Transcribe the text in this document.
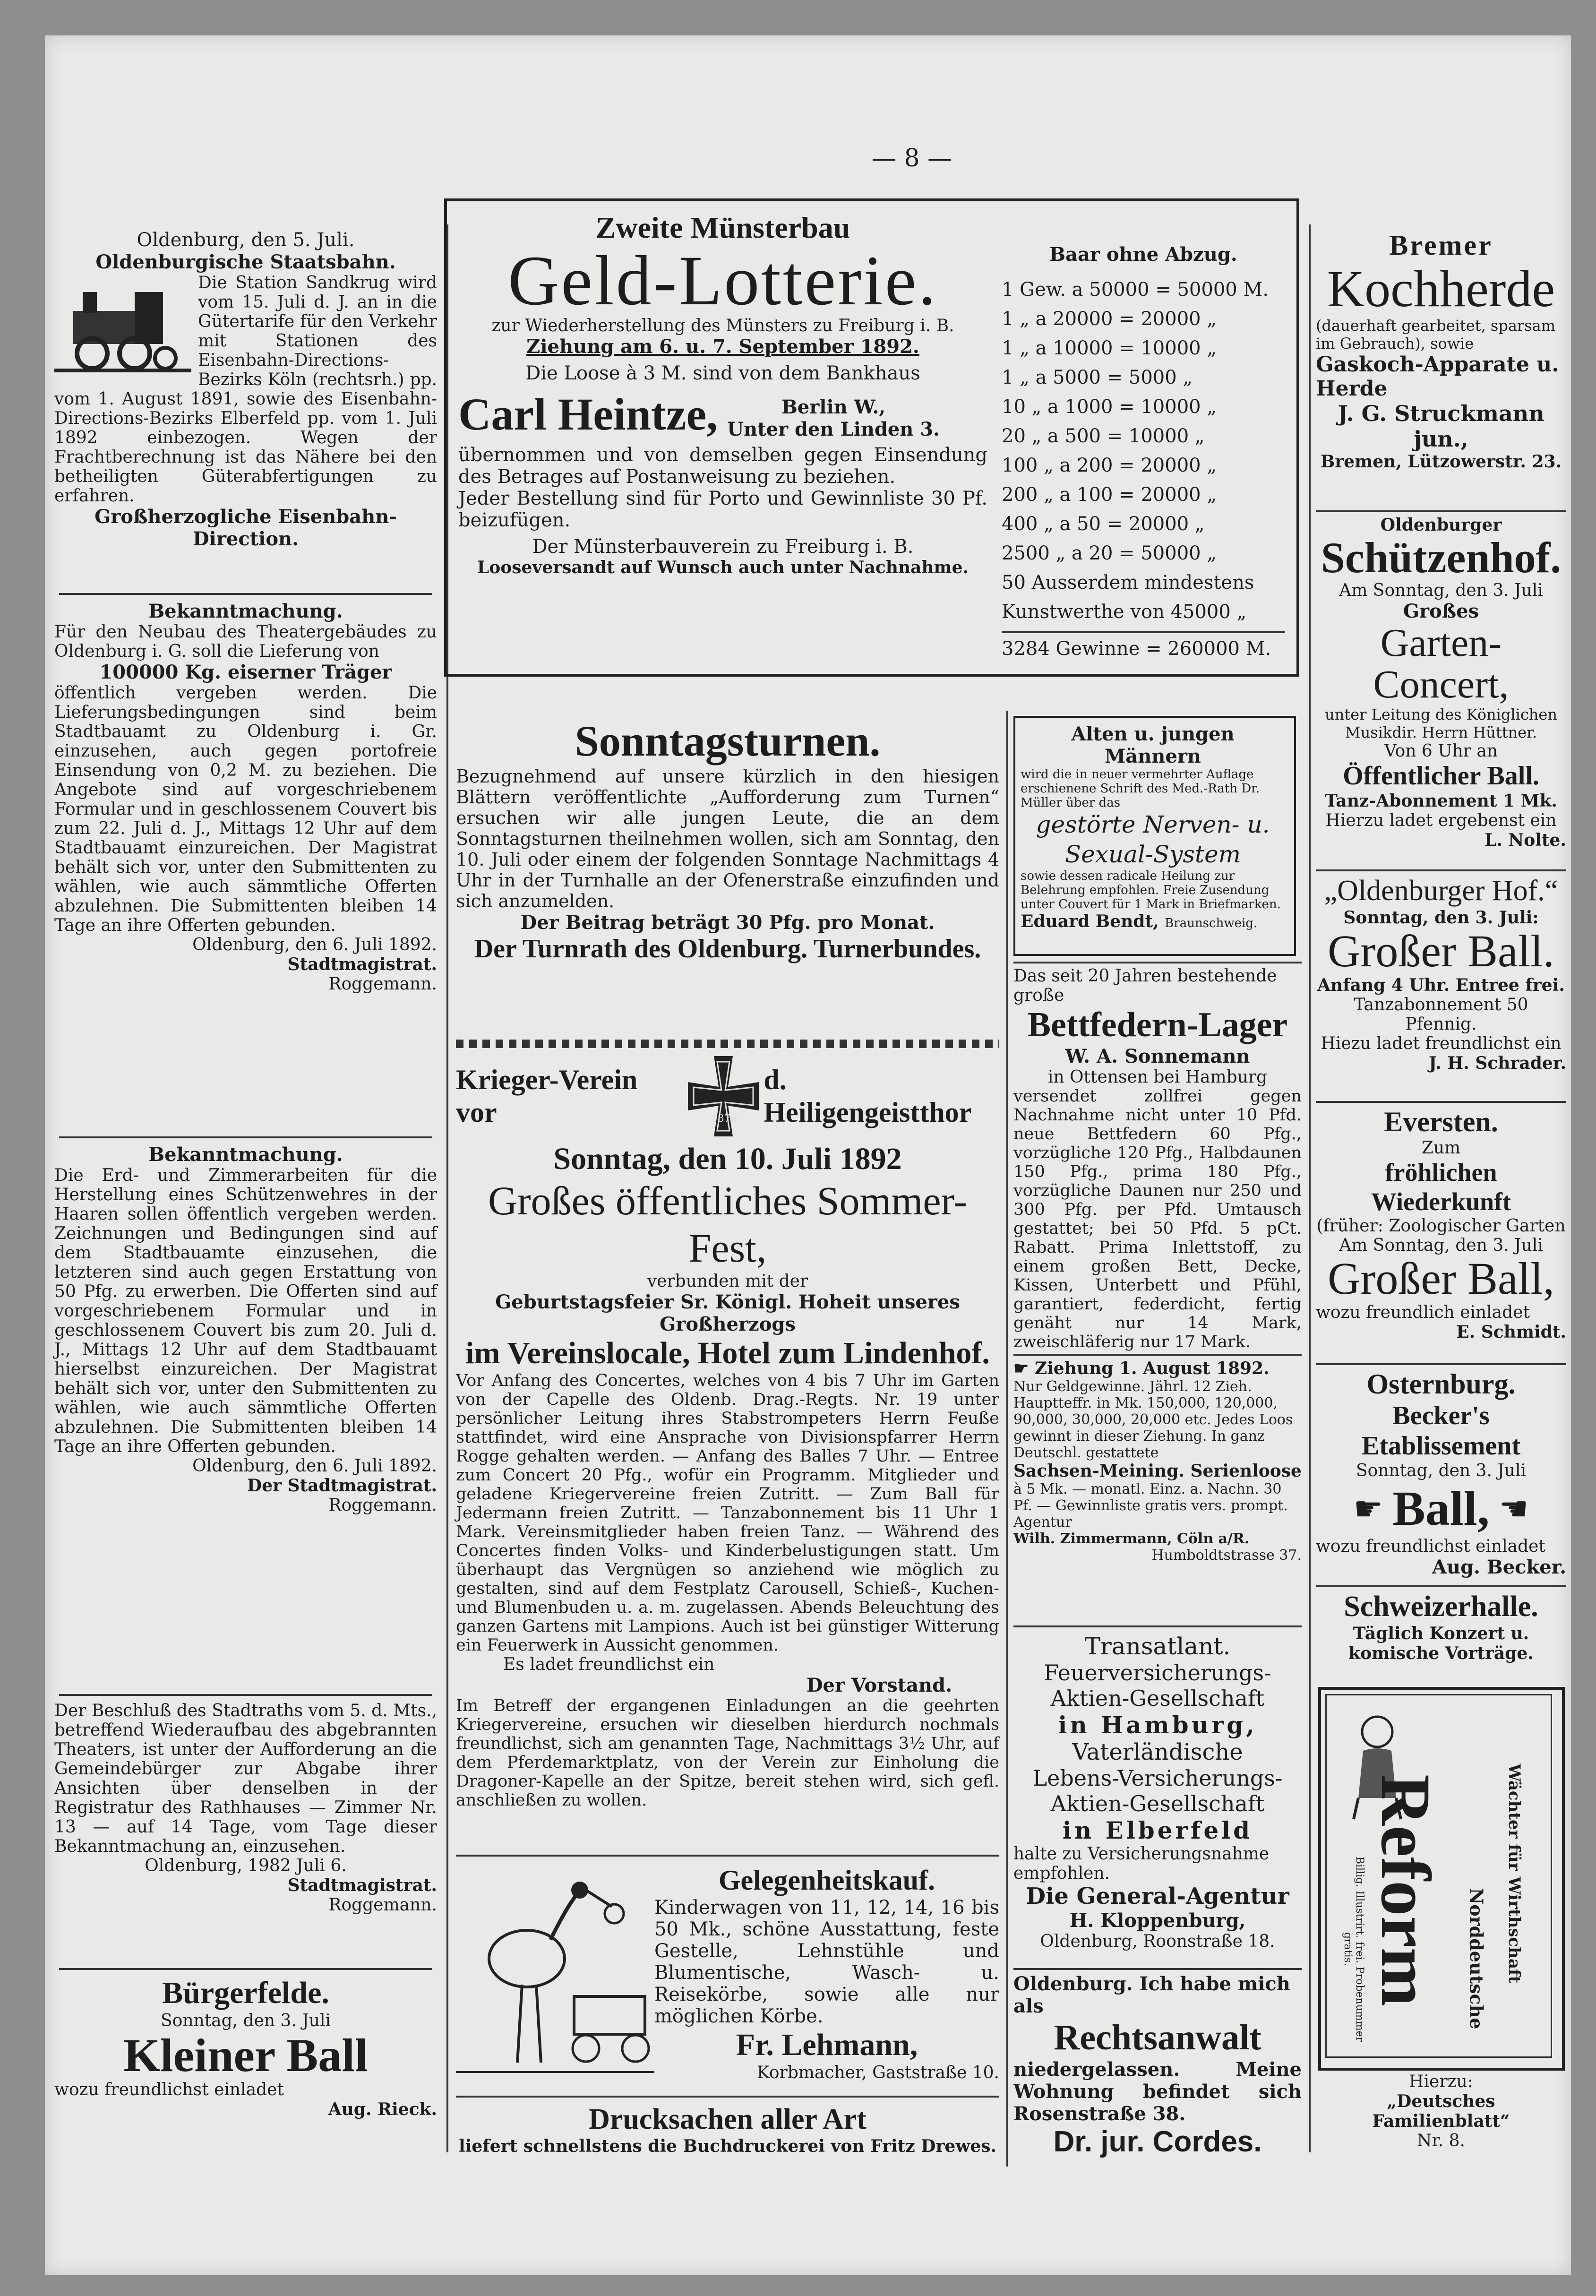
— 8 —

Oldenburg, den 5. Juli.

Oldenburgische Staatsbahn.

Die Station Sandkrug wird vom 15. Juli d. J. an in die Gütertarife für den Verkehr mit Stationen des Eisenbahn-Directions-Bezirks Köln (rechtsrh.) pp. vom 1. August 1891, sowie des Eisenbahn-Directions-Bezirks Elberfeld pp. vom 1. Juli 1892 einbezogen. Wegen der Frachtberechnung ist das Nähere bei den betheiligten Güterabfertigungen zu erfahren.

Großherzogliche Eisenbahn-Direction.

Bekanntmachung.

Für den Neubau des Theatergebäudes zu Oldenburg i. G. soll die Lieferung von

100000 Kg. eiserner Träger

öffentlich vergeben werden. Die Lieferungsbedingungen sind beim Stadtbauamt zu Oldenburg i. Gr. einzusehen, auch gegen portofreie Einsendung von 0,2 M. zu beziehen. Die Angebote sind auf vorgeschriebenem Formular und in geschlossenem Couvert bis zum 22. Juli d. J., Mittags 12 Uhr auf dem Stadtbauamt einzureichen. Der Magistrat behält sich vor, unter den Submittenten zu wählen, wie auch sämmtliche Offerten abzulehnen. Die Submittenten bleiben 14 Tage an ihre Offerten gebunden.

Oldenburg, den 6. Juli 1892.

Stadtmagistrat.

Roggemann.

Bekanntmachung.

Die Erd- und Zimmerarbeiten für die Herstellung eines Schützenwehres in der Haaren sollen öffentlich vergeben werden. Zeichnungen und Bedingungen sind auf dem Stadtbauamte einzusehen, die letzteren sind auch gegen Erstattung von 50 Pfg. zu erwerben. Die Offerten sind auf vorgeschriebenem Formular und in geschlossenem Couvert bis zum 20. Juli d. J., Mittags 12 Uhr auf dem Stadtbauamt hierselbst einzureichen. Der Magistrat behält sich vor, unter den Submittenten zu wählen, wie auch sämmtliche Offerten abzulehnen. Die Submittenten bleiben 14 Tage an ihre Offerten gebunden.

Oldenburg, den 6. Juli 1892.

Der Stadtmagistrat.

Roggemann.

Der Beschluß des Stadtraths vom 5. d. Mts., betreffend Wiederaufbau des abgebrannten Theaters, ist unter der Aufforderung an die Gemeindebürger zur Abgabe ihrer Ansichten über denselben in der Registratur des Rathhauses — Zimmer Nr. 13 — auf 14 Tage, vom Tage dieser Bekanntmachung an, einzusehen.

Oldenburg, 1982 Juli 6.

Stadtmagistrat.

Roggemann.

Bürgerfelde.

Sonntag, den 3. Juli

Kleiner Ball

wozu freundlichst einladet

Aug. Rieck.

Zweite Münsterbau

Geld-Lotterie.

zur Wiederherstellung des Münsters zu Freiburg i. B.

Ziehung am 6. u. 7. September 1892.

Die Loose à 3 M. sind von dem Bankhaus

Carl Heintze,	Berlin W.,

Unter den Linden 3.

übernommen und von demselben gegen Einsendung des Betrages auf Postanweisung zu beziehen.

Jeder Bestellung sind für Porto und Gewinnliste 30 Pf. beizufügen.

Der Münsterbauverein zu Freiburg i. B.

Looseversandt auf Wunsch auch unter Nachnahme.

Baar ohne Abzug.

1 Gew. a 50000 = 50000 M.

1 „ a 20000 = 20000 „

1 „ a 10000 = 10000 „

1 „ a 5000 = 5000 „

10 „ a 1000 = 10000 „

20 „ a 500 = 10000 „

100 „ a 200 = 20000 „

200 „ a 100 = 20000 „

400 „ a 50 = 20000 „

2500 „ a 20 = 50000 „

50 Ausserdem mindestens Kunstwerthe von 45000 „

3284 Gewinne = 260000 M.

Sonntagsturnen.

Bezugnehmend auf unsere kürzlich in den hiesigen Blättern veröffentlichte „Aufforderung zum Turnen“ ersuchen wir alle jungen Leute, die an dem Sonntagsturnen theilnehmen wollen, sich am Sonntag, den 10. Juli oder einem der folgenden Sonntage Nachmittags 4 Uhr in der Turnhalle an der Ofenerstraße einzufinden und sich anzumelden.

Der Beitrag beträgt 30 Pfg. pro Monat.

Der Turnrath des Oldenburg. Turnerbundes.

Krieger-Verein vor	1870

d. Heiligengeistthor

Sonntag, den 10. Juli 1892

Großes öffentliches Sommer-Fest,

verbunden mit der

Geburtstagsfeier Sr. Königl. Hoheit unseres Großherzogs

im Vereinslocale, Hotel zum Lindenhof.

Vor Anfang des Concertes, welches von 4 bis 7 Uhr im Garten von der Capelle des Oldenb. Drag.-Regts. Nr. 19 unter persönlicher Leitung ihres Stabstrompeters Herrn Feuße stattfindet, wird eine Ansprache von Divisionspfarrer Herrn Rogge gehalten werden. — Anfang des Balles 7 Uhr. — Entree zum Concert 20 Pfg., wofür ein Programm. Mitglieder und geladene Kriegervereine freien Zutritt. — Zum Ball für Jedermann freien Zutritt. — Tanzabonnement bis 11 Uhr 1 Mark. Vereinsmitglieder haben freien Tanz. — Während des Concertes finden Volks- und Kinderbelustigungen statt. Um überhaupt das Vergnügen so anziehend wie möglich zu gestalten, sind auf dem Festplatz Carousell, Schieß-, Kuchen- und Blumenbuden u. a. m. zugelassen. Abends Beleuchtung des ganzen Gartens mit Lampions. Auch ist bei günstiger Witterung ein Feuerwerk in Aussicht genommen.

Es ladet freundlichst ein

Der Vorstand.

Im Betreff der ergangenen Einladungen an die geehrten Kriegervereine, ersuchen wir dieselben hierdurch nochmals freundlichst, sich am genannten Tage, Nachmittags 3½ Uhr, auf dem Pferdemarktplatz, von der Verein zur Einholung die Dragoner-Kapelle an der Spitze, bereit stehen wird, sich gefl. anschließen zu wollen.

Gelegenheitskauf.

Kinderwagen von 11, 12, 14, 16 bis 50 Mk., schöne Ausstattung, feste Gestelle, Lehnstühle und Blumentische, Wasch- u. Reisekörbe, sowie alle nur möglichen Körbe.

Fr. Lehmann,

Korbmacher, Gaststraße 10.

Drucksachen aller Art

liefert schnellstens die Buchdruckerei von Fritz Drewes.

Alten u. jungen Männern

wird die in neuer vermehrter Auflage erschienene Schrift des Med.-Rath Dr. Müller über das

gestörte Nerven- u. Sexual-System

sowie dessen radicale Heilung zur Belehrung empfohlen. Freie Zusendung unter Couvert für 1 Mark in Briefmarken.

Eduard Bendt, Braunschweig.

Das seit 20 Jahren bestehende große

Bettfedern-Lager

W. A. Sonnemann

in Ottensen bei Hamburg

versendet zollfrei gegen Nachnahme nicht unter 10 Pfd. neue Bettfedern 60 Pfg., vorzügliche 120 Pfg., Halbdaunen 150 Pfg., prima 180 Pfg., vorzügliche Daunen nur 250 und 300 Pfg. per Pfd. Umtausch gestattet; bei 50 Pfd. 5 pCt. Rabatt. Prima Inlettstoff, zu einem großen Bett, Decke, Kissen, Unterbett und Pfühl, garantiert, federdicht, fertig genäht nur 14 Mark, zweischläferig nur 17 Mark.

☛ Ziehung 1. August 1892.

Nur Geldgewinne. Jährl. 12 Zieh. Hauptteffr. in Mk. 150,000, 120,000, 90,000, 30,000, 20,000 etc. Jedes Loos gewinnt in dieser Ziehung. In ganz Deutschl. gestattete

Sachsen-Meining. Serienloose

à 5 Mk. — monatl. Einz. a. Nachn. 30 Pf. — Gewinnliste gratis vers. prompt. Agentur

Wilh. Zimmermann, Cöln a/R.

Humboldtstrasse 37.

Transatlant.

Feuerversicherungs-Aktien-Gesellschaft

in Hamburg,

Vaterländische

Lebens-Versicherungs-Aktien-Gesellschaft

in Elberfeld

halte zu Versicherungsnahme empfohlen.

Die General-Agentur

H. Kloppenburg,

Oldenburg, Roonstraße 18.

Oldenburg. Ich habe mich als

Rechtsanwalt

niedergelassen. Meine Wohnung befindet sich Rosenstraße 38.

Dr. jur. Cordes.

Bremer

Kochherde

(dauerhaft gearbeitet, sparsam im Gebrauch), sowie

Gaskoch-Apparate u. Herde

J. G. Struckmann jun.,

Bremen, Lützowerstr. 23.

Oldenburger

Schützenhof.

Am Sonntag, den 3. Juli

Großes

Garten-Concert,

unter Leitung des Königlichen Musikdir. Herrn Hüttner.

Von 6 Uhr an

Öffentlicher Ball.

Tanz-Abonnement 1 Mk.

Hierzu ladet ergebenst ein

L. Nolte.

„Oldenburger Hof.“

Sonntag, den 3. Juli:

Großer Ball.

Anfang 4 Uhr. Entree frei.

Tanzabonnement 50 Pfennig.

Hiezu ladet freundlichst ein

J. H. Schrader.

Eversten.

Zum

fröhlichen Wiederkunft

(früher: Zoologischer Garten

Am Sonntag, den 3. Juli

Großer Ball,

wozu freundlich einladet

E. Schmidt.

Osternburg.

Becker's Etablissement

Sonntag, den 3. Juli

☛ Ball, ☚

wozu freundlichst einladet

Aug. Becker.

Schweizerhalle.

Täglich Konzert u. komische Vorträge.

Reform	Wächter für Wirthschaft
Norddeutsche
Billig. Illustrirt. frei. Probenummer gratis.

Hierzu:

„Deutsches Familienblatt“

Nr. 8.
